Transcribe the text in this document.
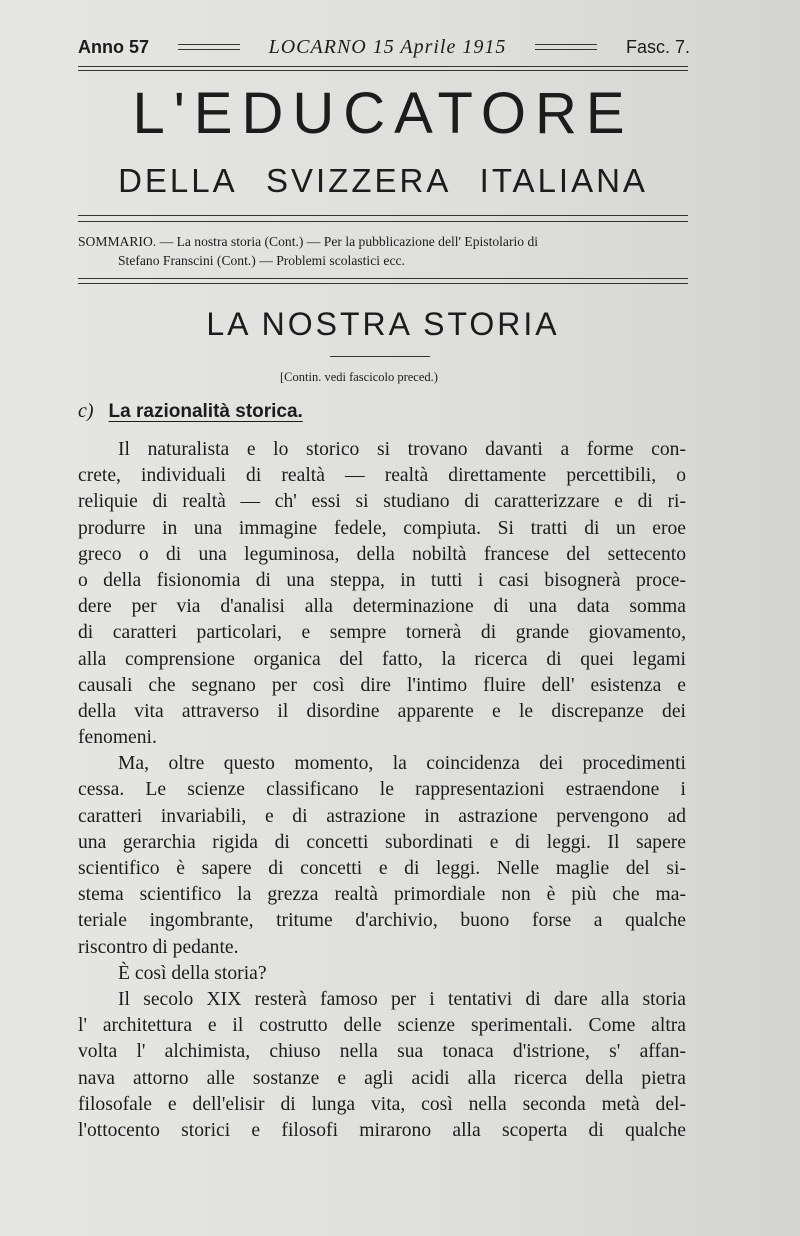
Anno 57	LOCARNO 15 Aprile 1915	Fasc. 7.
L'EDUCATORE
DELLA SVIZZERA ITALIANA
SOMMARIO. — La nostra storia (Cont.) — Per la pubblicazione dell' Epistolario di
Stefano Franscini (Cont.) — Problemi scolastici ecc.
LA NOSTRA STORIA
[Contin. vedi fascicolo preced.)
c) La razionalità storica.
Il naturalista e lo storico si trovano davanti a forme con-
crete, individuali di realtà — realtà direttamente percettibili, o
reliquie di realtà — ch' essi si studiano di caratterizzare e di ri-
produrre in una immagine fedele, compiuta. Si tratti di un eroe
greco o di una leguminosa, della nobiltà francese del settecento
o della fisionomia di una steppa, in tutti i casi bisognerà proce-
dere per via d'analisi alla determinazione di una data somma
di caratteri particolari, e sempre tornerà di grande giovamento,
alla comprensione organica del fatto, la ricerca di quei legami
causali che segnano per così dire l'intimo fluire dell' esistenza e
della vita attraverso il disordine apparente e le discrepanze dei
fenomeni.
Ma, oltre questo momento, la coincidenza dei procedimenti
cessa. Le scienze classificano le rappresentazioni estraendone i
caratteri invariabili, e di astrazione in astrazione pervengono ad
una gerarchia rigida di concetti subordinati e di leggi. Il sapere
scientifico è sapere di concetti e di leggi. Nelle maglie del si-
stema scientifico la grezza realtà primordiale non è più che ma-
teriale ingombrante, tritume d'archivio, buono forse a qualche
riscontro di pedante.
È così della storia?
Il secolo XIX resterà famoso per i tentativi di dare alla storia
l' architettura e il costrutto delle scienze sperimentali. Come altra
volta l' alchimista, chiuso nella sua tonaca d'istrione, s' affan-
nava attorno alle sostanze e agli acidi alla ricerca della pietra
filosofale e dell'elisir di lunga vita, così nella seconda metà del-
l'ottocento storici e filosofi mirarono alla scoperta di qualche
